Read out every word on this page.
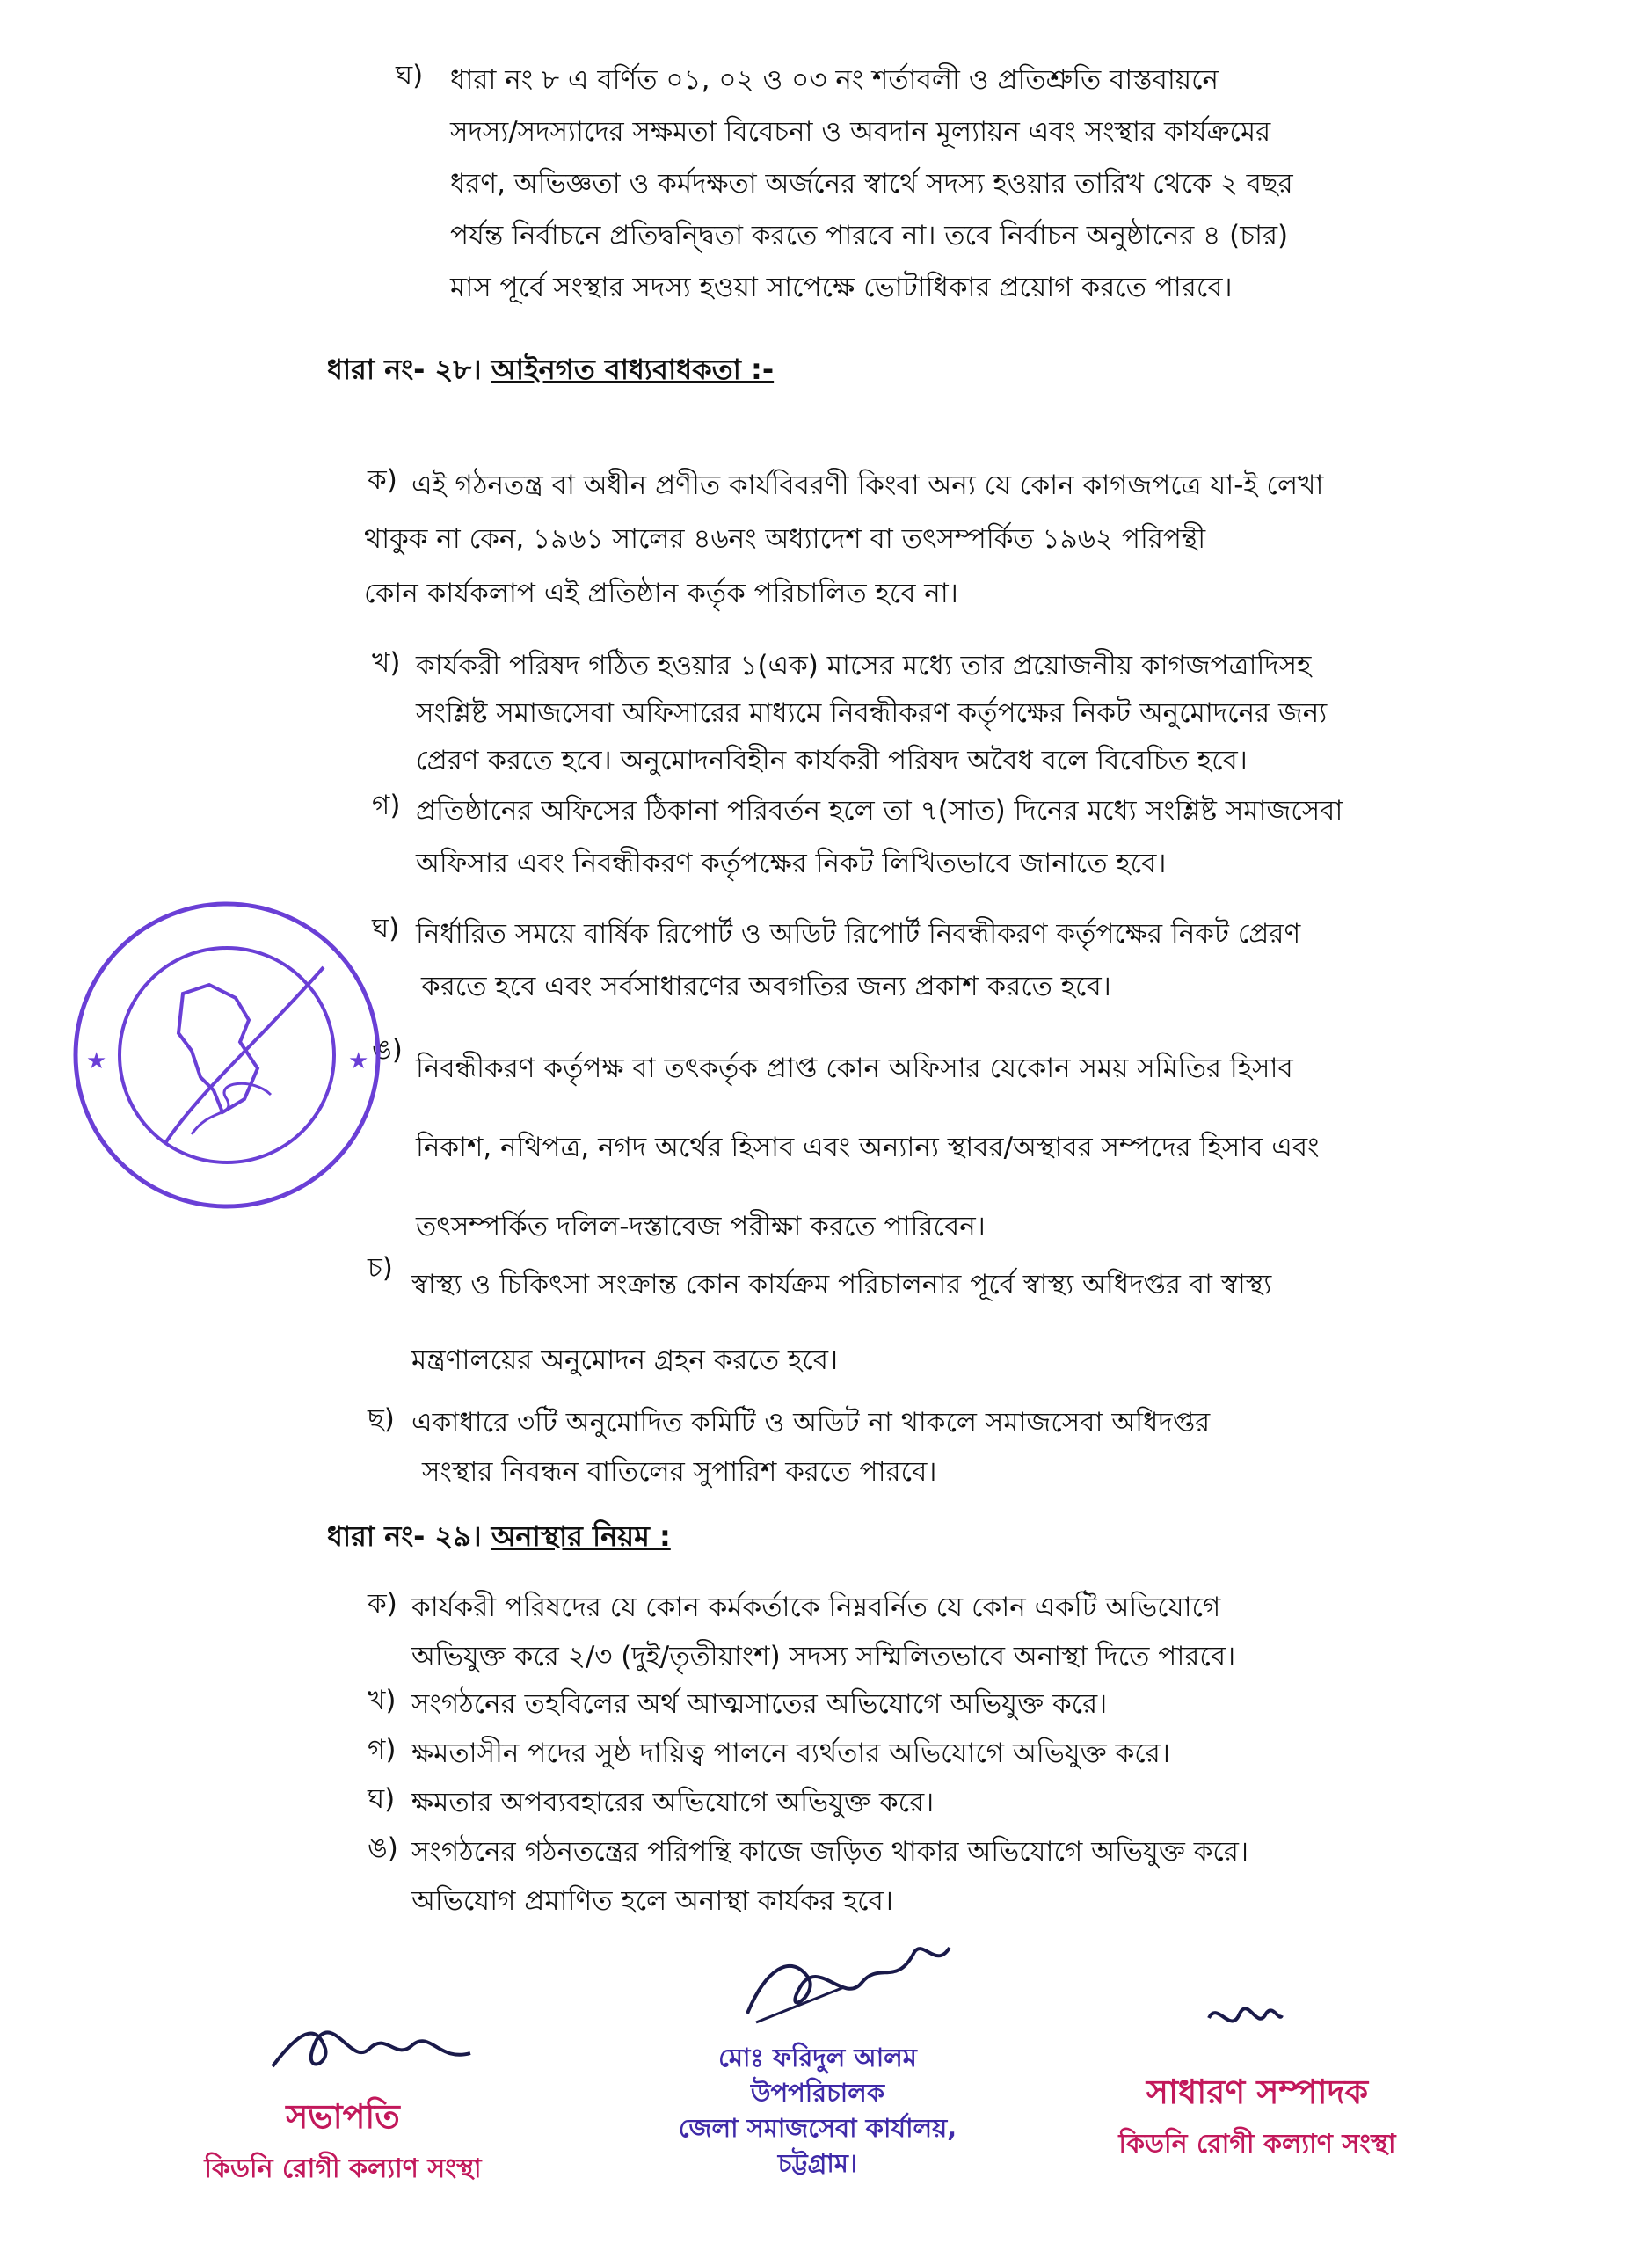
ঘ) ধারা নং ৮ এ বর্ণিত ০১, ০২ ও ০৩ নং শর্তাবলী ও প্রতিশ্রুতি বাস্তবায়নে
সদস্য/সদস্যাদের সক্ষমতা বিবেচনা ও অবদান মূল্যায়ন এবং সংস্থার কার্যক্রমের
ধরণ, অভিজ্ঞতা ও কর্মদক্ষতা অর্জনের স্বার্থে সদস্য হওয়ার তারিখ থেকে ২ বছর
পর্যন্ত নির্বাচনে প্রতিদ্বন্দ্বিতা করতে পারবে না। তবে নির্বাচন অনুষ্ঠানের ৪ (চার)
মাস পূর্বে সংস্থার সদস্য হওয়া সাপেক্ষে ভোটাধিকার প্রয়োগ করতে পারবে।
ধারা নং- ২৮। আইনগত বাধ্যবাধকতা :-
ক) এই গঠনতন্ত্র বা অধীন প্রণীত কার্যবিবরণী কিংবা অন্য যে কোন কাগজপত্রে যা-ই লেখা
থাকুক না কেন, ১৯৬১ সালের ৪৬নং অধ্যাদেশ বা তৎসম্পর্কিত ১৯৬২ পরিপন্থী
কোন কার্যকলাপ এই প্রতিষ্ঠান কর্তৃক পরিচালিত হবে না।
খ) কার্যকরী পরিষদ গঠিত হওয়ার ১(এক) মাসের মধ্যে তার প্রয়োজনীয় কাগজপত্রাদিসহ
সংশ্লিষ্ট সমাজসেবা অফিসারের মাধ্যমে নিবন্ধীকরণ কর্তৃপক্ষের নিকট অনুমোদনের জন্য
প্রেরণ করতে হবে। অনুমোদনবিহীন কার্যকরী পরিষদ অবৈধ বলে বিবেচিত হবে।
গ) প্রতিষ্ঠানের অফিসের ঠিকানা পরিবর্তন হলে তা ৭(সাত) দিনের মধ্যে সংশ্লিষ্ট সমাজসেবা
অফিসার এবং নিবন্ধীকরণ কর্তৃপক্ষের নিকট লিখিতভাবে জানাতে হবে।
ঘ) নির্ধারিত সময়ে বার্ষিক রিপোর্ট ও অডিট রিপোর্ট নিবন্ধীকরণ কর্তৃপক্ষের নিকট প্রেরণ
করতে হবে এবং সর্বসাধারণের অবগতির জন্য প্রকাশ করতে হবে।
ঙ)
নিবন্ধীকরণ কর্তৃপক্ষ বা তৎকর্তৃক প্রাপ্ত কোন অফিসার যেকোন সময় সমিতির হিসাব
নিকাশ, নথিপত্র, নগদ অর্থের হিসাব এবং অন্যান্য স্থাবর/অস্থাবর সম্পদের হিসাব এবং
তৎসম্পর্কিত দলিল-দস্তাবেজ পরীক্ষা করতে পারিবেন।
চ)
স্বাস্থ্য ও চিকিৎসা সংক্রান্ত কোন কার্যক্রম পরিচালনার পূর্বে স্বাস্থ্য অধিদপ্তর বা স্বাস্থ্য
মন্ত্রণালয়ের অনুমোদন গ্রহন করতে হবে।
ছ) একাধারে ৩টি অনুমোদিত কমিটি ও অডিট না থাকলে সমাজসেবা অধিদপ্তর
সংস্থার নিবন্ধন বাতিলের সুপারিশ করতে পারবে।
ধারা নং- ২৯। অনাস্থার নিয়ম :
ক) কার্যকরী পরিষদের যে কোন কর্মকর্তাকে নিম্নবর্নিত যে কোন একটি অভিযোগে
অভিযুক্ত করে ২/৩ (দুই/তৃতীয়াংশ) সদস্য সম্মিলিতভাবে অনাস্থা দিতে পারবে।
খ) সংগঠনের তহবিলের অর্থ আত্মসাতের অভিযোগে অভিযুক্ত করে।
গ) ক্ষমতাসীন পদের সুষ্ঠ দায়িত্ব পালনে ব্যর্থতার অভিযোগে অভিযুক্ত করে।
ঘ) ক্ষমতার অপব্যবহারের অভিযোগে অভিযুক্ত করে।
ঙ) সংগঠনের গঠনতন্ত্রের পরিপন্থি কাজে জড়িত থাকার অভিযোগে অভিযুক্ত করে।
অভিযোগ প্রমাণিত হলে অনাস্থা কার্যকর হবে।
★	★
সভাপতি
কিডনি রোগী কল্যাণ সংস্থা
মোঃ ফরিদুল আলম
উপপরিচালক
জেলা সমাজসেবা কার্যালয়,
চট্টগ্রাম।
সাধারণ সম্পাদক
কিডনি রোগী কল্যাণ সংস্থা
